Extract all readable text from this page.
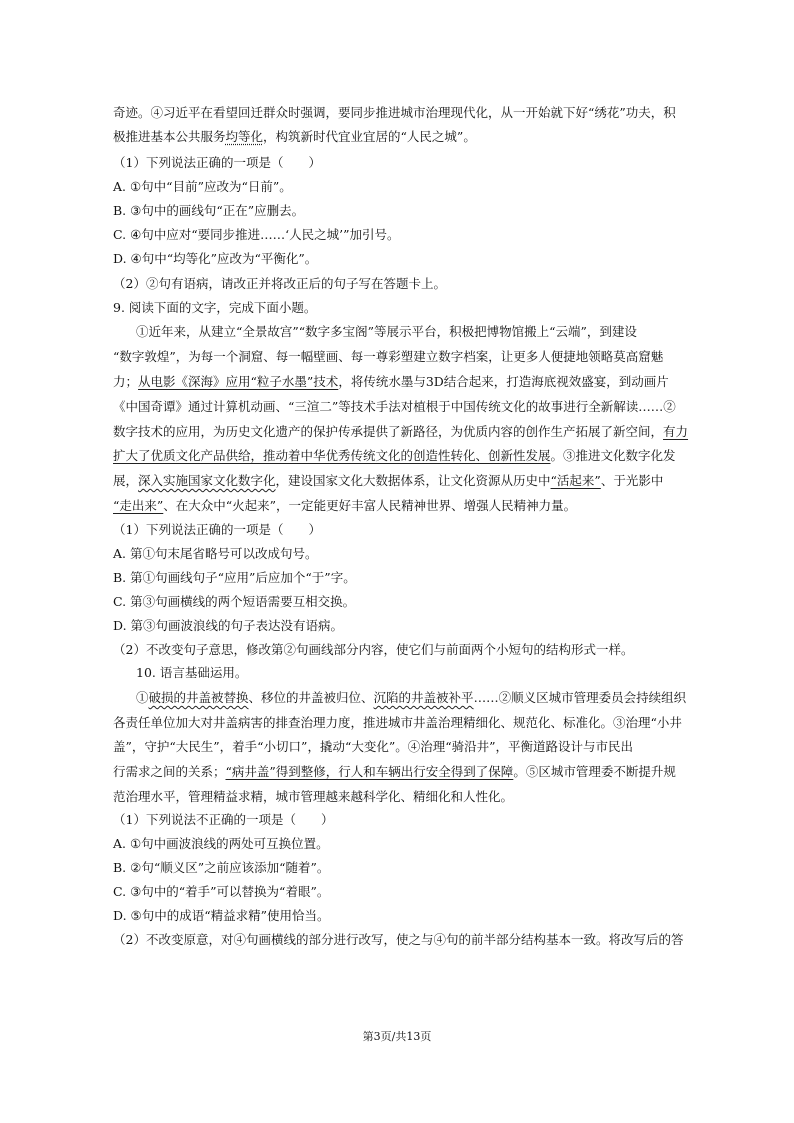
奇迹。④习近平在看望回迁群众时强调，要同步推进城市治理现代化，从一开始就下好“绣花”功夫，积
极推进基本公共服务均等化，构筑新时代宜业宜居的“人民之城”。
（1）下列说法正确的一项是（　　）
A. ①句中“目前”应改为“日前”。
B. ③句中的画线句“正在”应删去。
C. ④句中应对“要同步推进……‘人民之城’”加引号。
D. ④句中“均等化”应改为“平衡化”。
（2）②句有语病，请改正并将改正后的句子写在答题卡上。
9. 阅读下面的文字，完成下面小题。
①近年来，从建立“全景故宫”“数字多宝阁”等展示平台，积极把博物馆搬上“云端”，到建设
“数字敦煌”，为每一个洞窟、每一幅壁画、每一尊彩塑建立数字档案，让更多人便捷地领略莫高窟魅
力；从电影《深海》应用“粒子水墨”技术，将传统水墨与3D结合起来，打造海底视效盛宴，到动画片
《中国奇谭》通过计算机动画、“三渲二”等技术手法对植根于中国传统文化的故事进行全新解读……②
数字技术的应用，为历史文化遗产的保护传承提供了新路径，为优质内容的创作生产拓展了新空间，有力
扩大了优质文化产品供给，推动着中华优秀传统文化的创造性转化、创新性发展。③推进文化数字化发
展，深入实施国家文化数字化，建设国家文化大数据体系，让文化资源从历史中“活起来”、于光影中
“走出来”、在大众中“火起来”，一定能更好丰富人民精神世界、增强人民精神力量。
（1）下列说法正确的一项是（　　）
A. 第①句末尾省略号可以改成句号。
B. 第①句画线句子“应用”后应加个“于”字。
C. 第③句画横线的两个短语需要互相交换。
D. 第③句画波浪线的句子表达没有语病。
（2）不改变句子意思，修改第②句画线部分内容，使它们与前面两个小短句的结构形式一样。
10. 语言基础运用。
①破损的井盖被替换、移位的井盖被归位、沉陷的井盖被补平……②顺义区城市管理委员会持续组织
各责任单位加大对井盖病害的排查治理力度，推进城市井盖治理精细化、规范化、标准化。③治理“小井
盖”，守护“大民生”，着手“小切口”，撬动“大变化”。④治理“骑沿井”，平衡道路设计与市民出
行需求之间的关系；“病井盖”得到整修，行人和车辆出行安全得到了保障。⑤区城市管理委不断提升规
范治理水平，管理精益求精，城市管理越来越科学化、精细化和人性化。
（1）下列说法不正确的一项是（　　）
A. ①句中画波浪线的两处可互换位置。
B. ②句“顺义区”之前应该添加“随着”。
C. ③句中的“着手”可以替换为“着眼”。
D. ⑤句中的成语“精益求精”使用恰当。
（2）不改变原意，对④句画横线的部分进行改写，使之与④句的前半部分结构基本一致。将改写后的答
第3页/共13页
